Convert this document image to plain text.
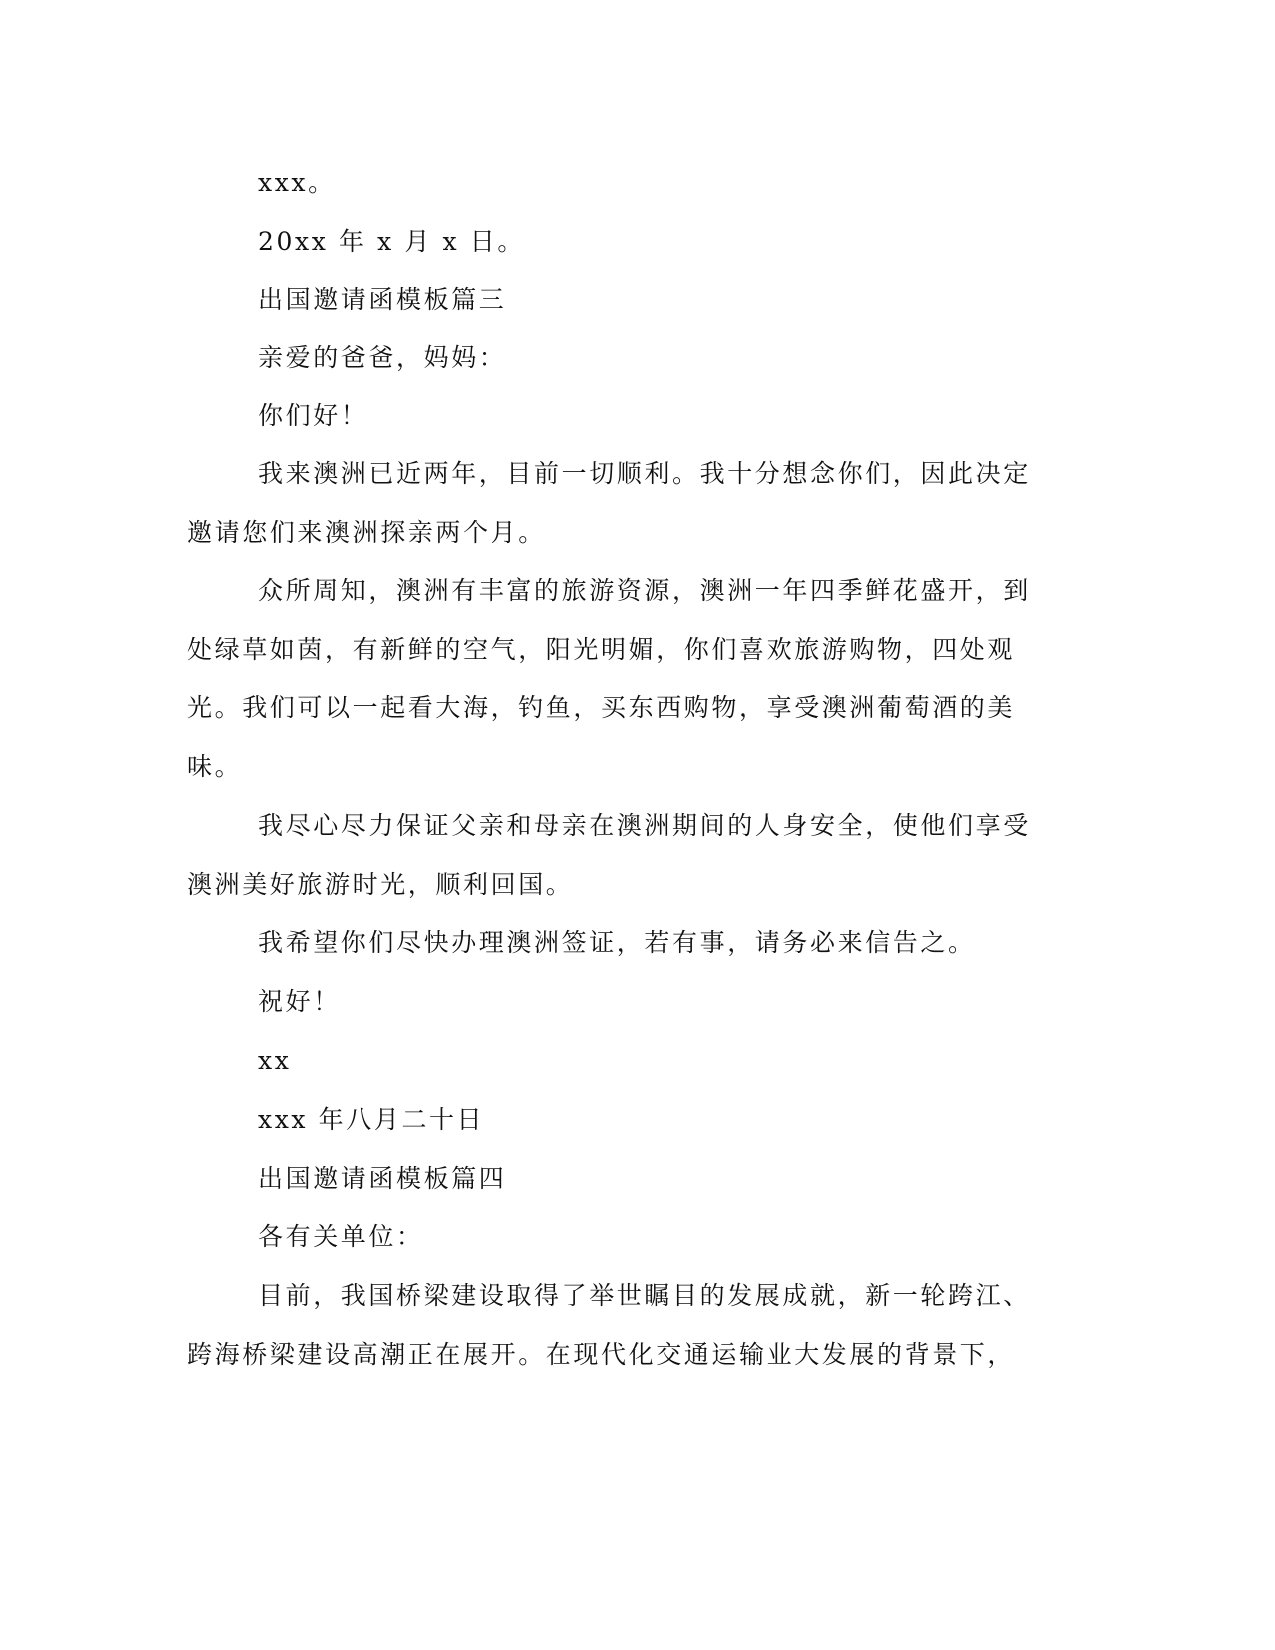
xxx。
20xx 年 x 月 x 日。
出国邀请函模板篇三
亲爱的爸爸，妈妈：
你们好！
我来澳洲已近两年，目前一切顺利。我十分想念你们，因此决定
邀请您们来澳洲探亲两个月。
众所周知，澳洲有丰富的旅游资源，澳洲一年四季鲜花盛开，到
处绿草如茵，有新鲜的空气，阳光明媚，你们喜欢旅游购物，四处观
光。我们可以一起看大海，钓鱼，买东西购物，享受澳洲葡萄酒的美
味。
我尽心尽力保证父亲和母亲在澳洲期间的人身安全，使他们享受
澳洲美好旅游时光，顺利回国。
我希望你们尽快办理澳洲签证，若有事，请务必来信告之。
祝好！
xx
xxx 年八月二十日
出国邀请函模板篇四
各有关单位：
目前，我国桥梁建设取得了举世瞩目的发展成就，新一轮跨江、
跨海桥梁建设高潮正在展开。在现代化交通运输业大发展的背景下，
